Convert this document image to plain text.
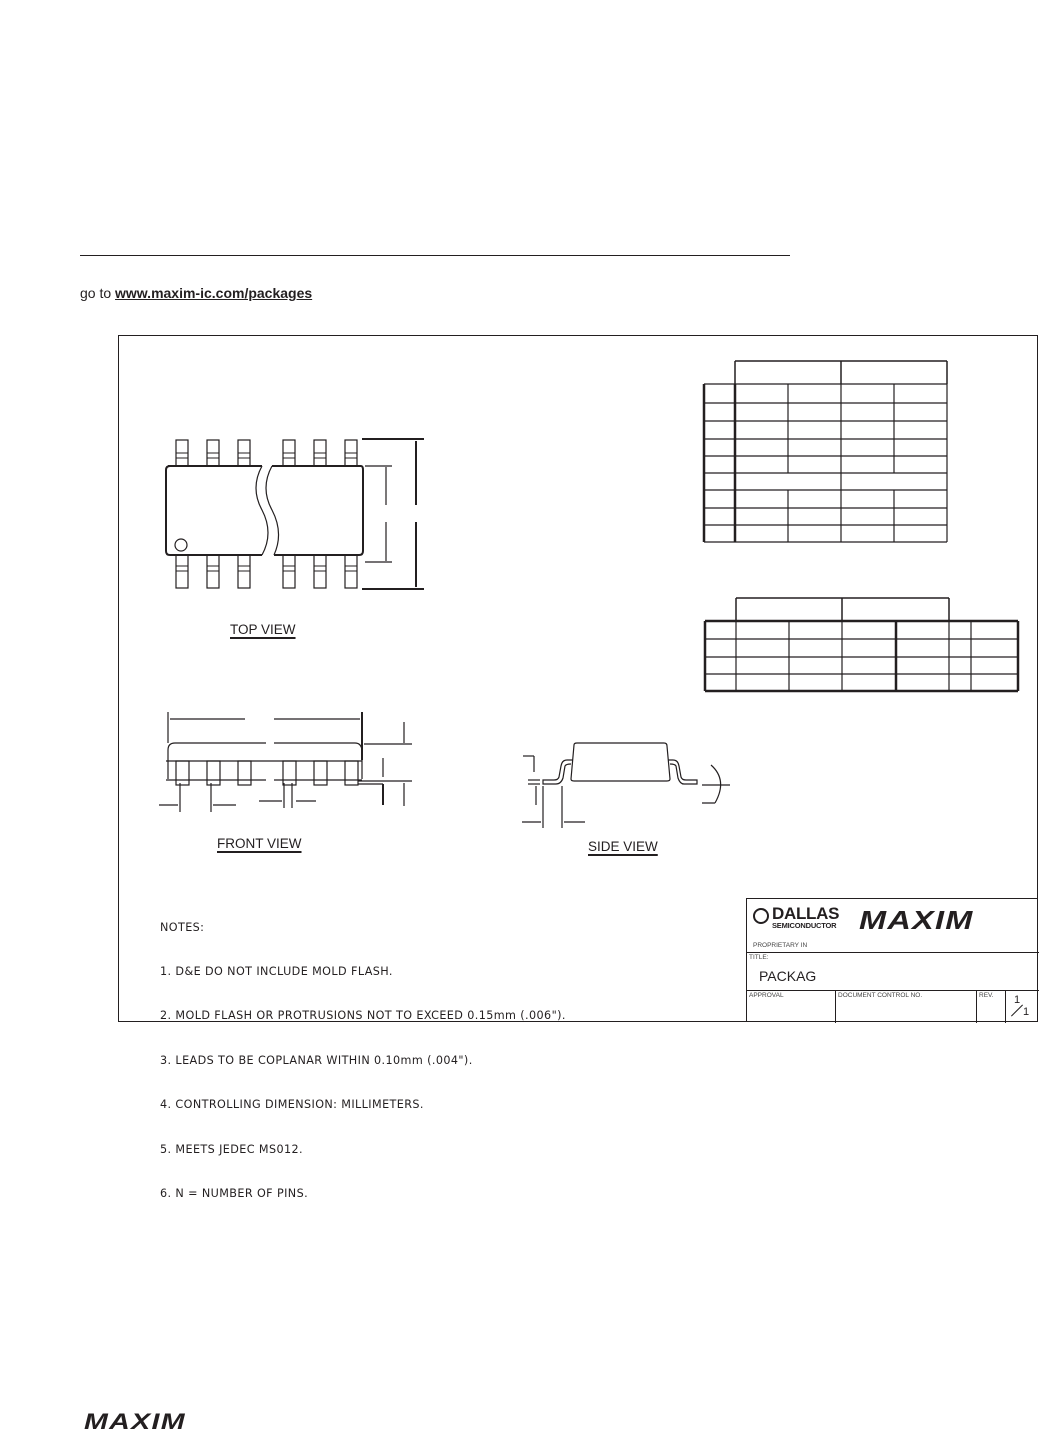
go to www.maxim-ic.com/packages
TOP VIEW
FRONT VIEW	SIDE VIEW

NOTES:

1. D&E DO NOT INCLUDE MOLD FLASH.

2. MOLD FLASH OR PROTRUSIONS NOT TO EXCEED 0.15mm (.006").

3. LEADS TO BE COPLANAR WITHIN 0.10mm (.004").

4. CONTROLLING DIMENSION: MILLIMETERS.

5. MEETS JEDEC MS012.

6. N = NUMBER OF PINS.

DALLAS
SEMICONDUCTOR MAXIM
PROPRIETARY IN
TITLE:
PACKAG
APPROVAL	DOCUMENT CONTROL NO.	REV. 1
1
MAXIM
